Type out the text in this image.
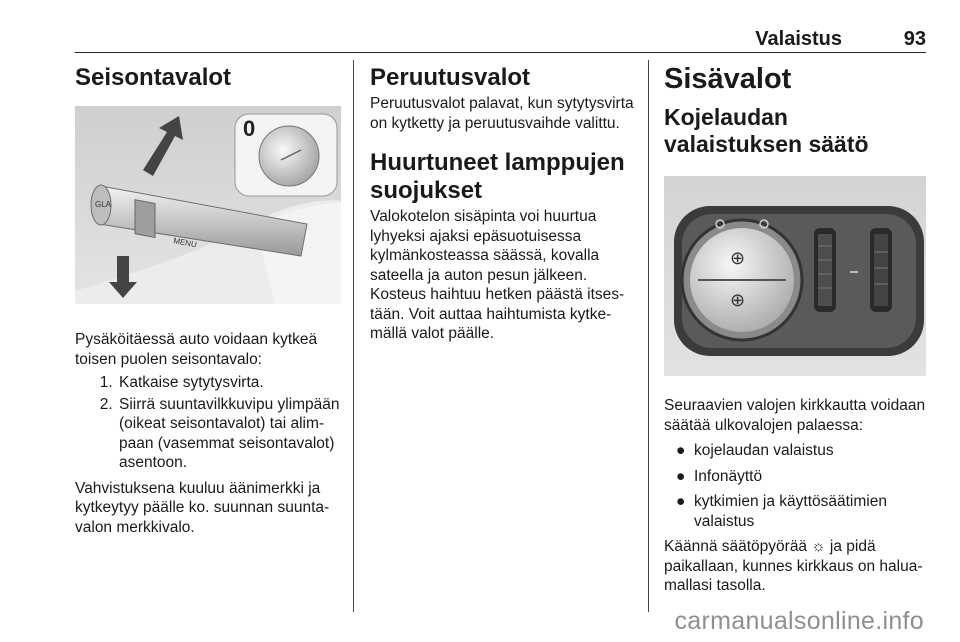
Valaistus	93
Seisontavalot
GLA
MENU
0

Pysäköitäessä auto voidaan kytkeä toisen puolen seisontavalo:

1. Katkaise sytytysvirta.
2. Siirrä suuntavilkkuvipu ylimpään (oikeat seisontavalot) tai alimpaan (vasemmat seisontavalot) asentoon.

Vahvistuksena kuuluu äänimerkki ja kytkeytyy päälle ko. suunnan suuntavalon merkkivalo.

Peruutusvalot

Peruutusvalot palavat, kun sytytysvirta on kytketty ja peruutusvaihde valittu.

Huurtuneet lamppujen suojukset

Valokotelon sisäpinta voi huurtua lyhyeksi ajaksi epäsuotuisessa kylmänkosteassa säässä, kovalla sateella ja auton pesun jälkeen. Kosteus haihtuu hetken päästä itsestään. Voit auttaa haihtumista kytkemällä valot päälle.

Sisävalot
Kojelaudan valaistuksen säätö
⊕
⊕

Seuraavien valojen kirkkautta voidaan säätää ulkovalojen palaessa:

● kojelaudan valaistus
● Infonäyttö
● kytkimien ja käyttösäätimien valaistus

Käännä säätöpyörää ☼ ja pidä paikallaan, kunnes kirkkaus on haluamallasi tasolla.

carmanualsonline.info
